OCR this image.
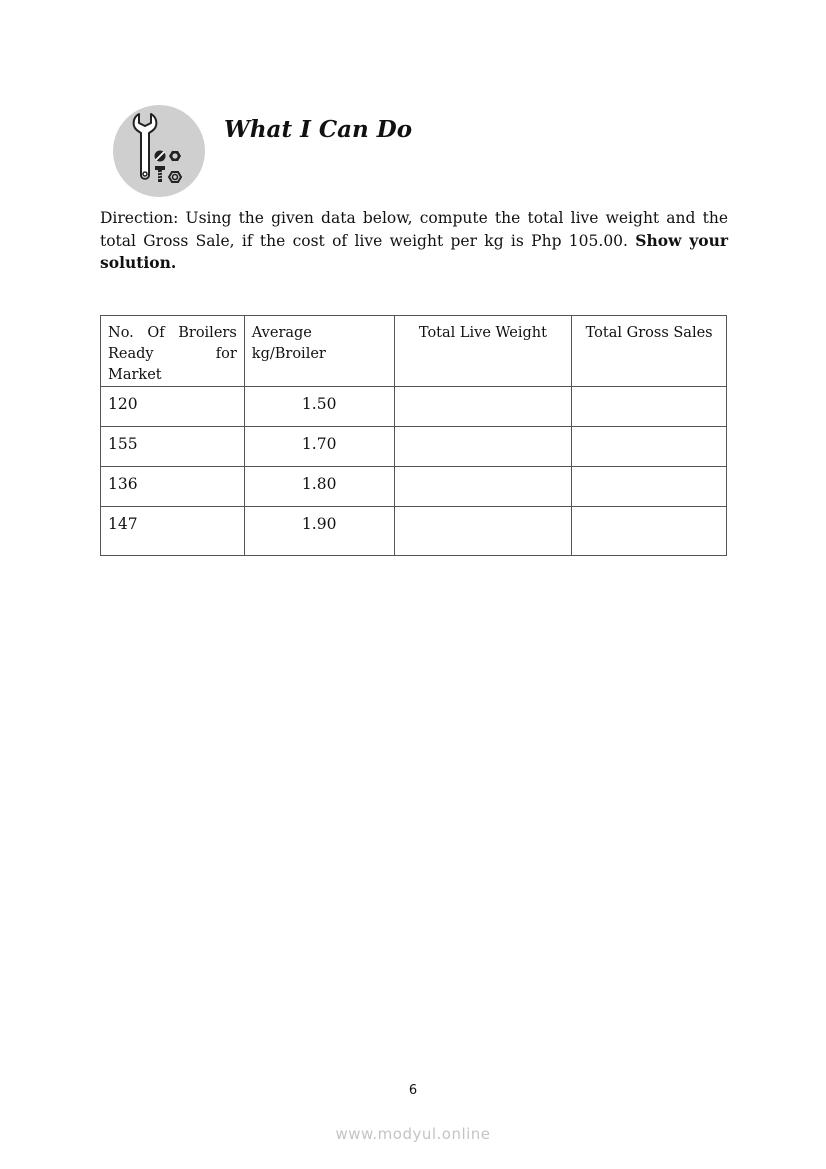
What I Can Do

Direction: Using the given data below, compute the total live weight and the total Gross Sale, if the cost of live weight per kg is Php 105.00. Show your solution.

No. Of Broilers Ready for Market	Average kg/Broiler	Total Live Weight	Total Gross Sales
120	1.50		
155	1.70		
136	1.80		
147	1.90		
6
www.modyul.online
